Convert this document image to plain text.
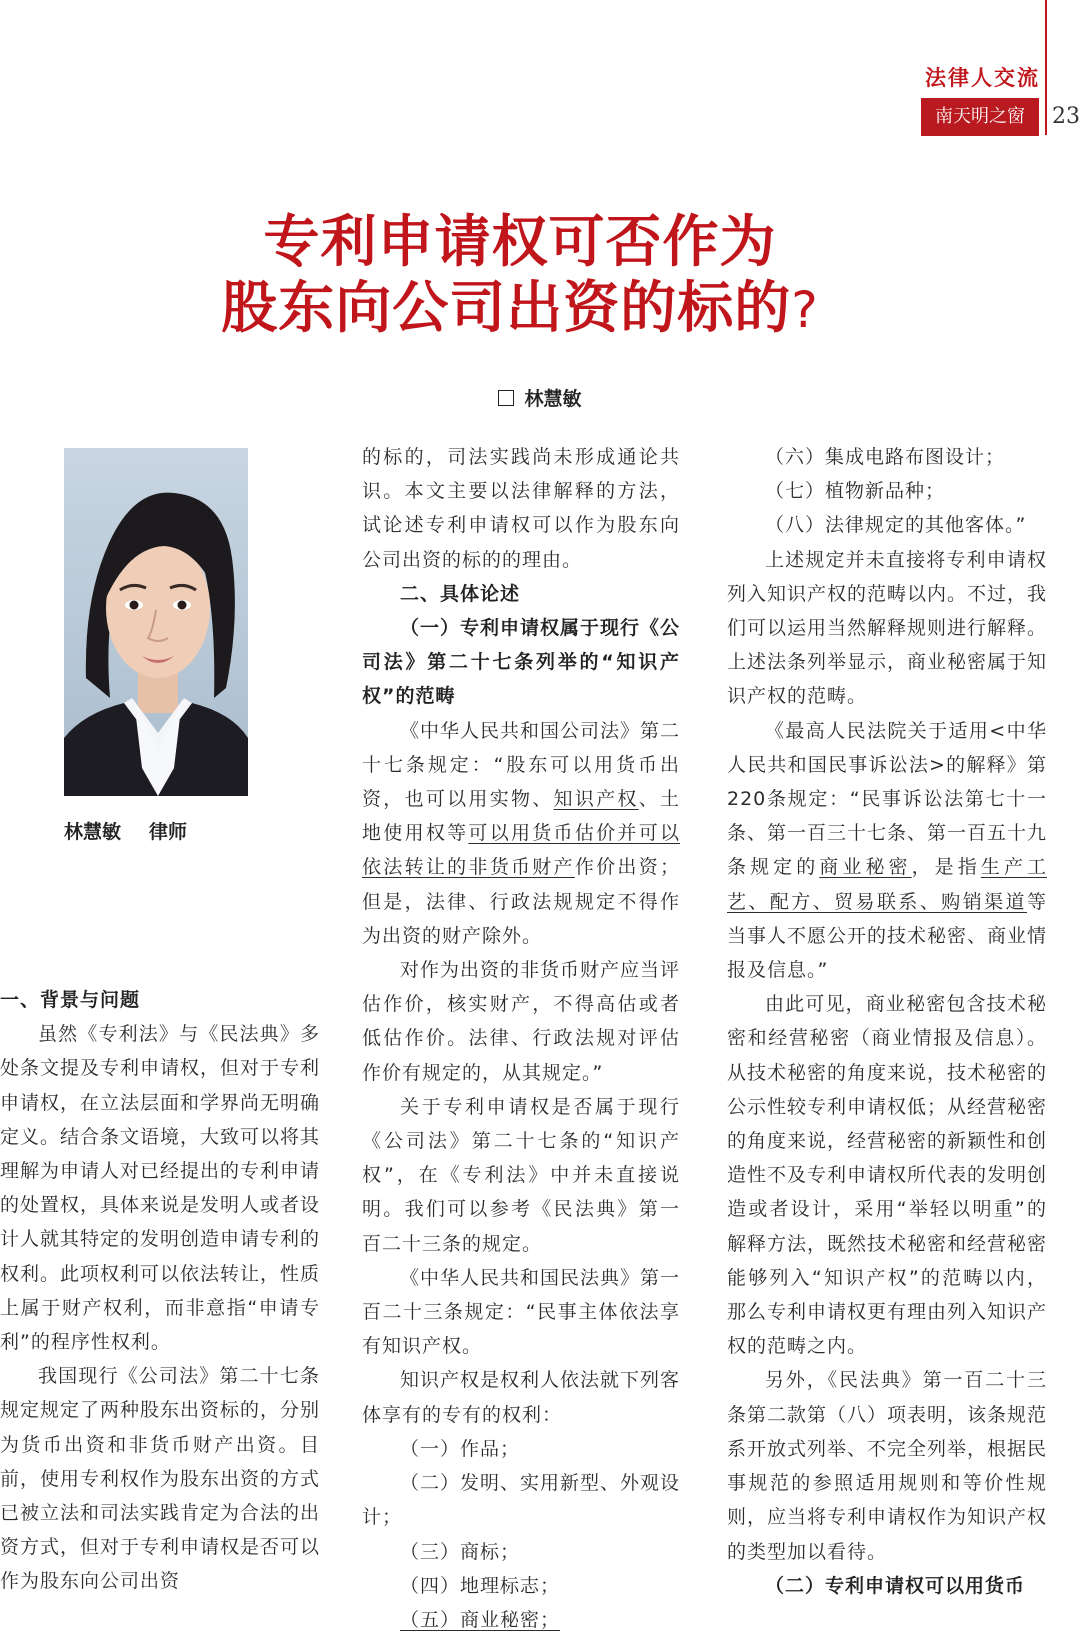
法律人交流
南天明之窗	23
专利申请权可否作为
股东向公司出资的标的?
林慧敏
林慧敏 律师

一、背景与问题

虽然《专利法》与《民法典》多处条文提及专利申请权，但对于专利申请权，在立法层面和学界尚无明确定义。结合条文语境，大致可以将其理解为申请人对已经提出的专利申请的处置权，具体来说是发明人或者设计人就其特定的发明创造申请专利的权利。此项权利可以依法转让，性质上属于财产权利，而非意指“申请专利”的程序性权利。

我国现行《公司法》第二十七条规定规定了两种股东出资标的，分别为货币出资和非货币财产出资。目前，使用专利权作为股东出资的方式已被立法和司法实践肯定为合法的出资方式，但对于专利申请权是否可以作为股东向公司出资

的标的，司法实践尚未形成通论共识。本文主要以法律解释的方法，试论述专利申请权可以作为股东向公司出资的标的的理由。

二、具体论述

（一）专利申请权属于现行《公司法》第二十七条列举的“知识产权”的范畴

《中华人民共和国公司法》第二十七条规定：“股东可以用货币出资，也可以用实物、知识产权、土地使用权等可以用货币估价并可以依法转让的非货币财产作价出资；但是，法律、行政法规规定不得作为出资的财产除外。

对作为出资的非货币财产应当评估作价，核实财产，不得高估或者低估作价。法律、行政法规对评估作价有规定的，从其规定。”

关于专利申请权是否属于现行《公司法》第二十七条的“知识产权”，在《专利法》中并未直接说明。我们可以参考《民法典》第一百二十三条的规定。

《中华人民共和国民法典》第一百二十三条规定：“民事主体依法享有知识产权。

知识产权是权利人依法就下列客体享有的专有的权利：

（一）作品；

（二）发明、实用新型、外观设计；

（三）商标；

（四）地理标志；

（五）商业秘密；

（六）集成电路布图设计；

（七）植物新品种；

（八）法律规定的其他客体。”

上述规定并未直接将专利申请权列入知识产权的范畴以内。不过，我们可以运用当然解释规则进行解释。上述法条列举显示，商业秘密属于知识产权的范畴。

《最高人民法院关于适用<中华人民共和国民事诉讼法>的解释》第220条规定：“民事诉讼法第七十一条、第一百三十七条、第一百五十九条规定的商业秘密，是指生产工艺、配方、贸易联系、购销渠道等当事人不愿公开的技术秘密、商业情报及信息。”

由此可见，商业秘密包含技术秘密和经营秘密（商业情报及信息）。从技术秘密的角度来说，技术秘密的公示性较专利申请权低；从经营秘密的角度来说，经营秘密的新颖性和创造性不及专利申请权所代表的发明创造或者设计，采用“举轻以明重”的解释方法，既然技术秘密和经营秘密能够列入“知识产权”的范畴以内，那么专利申请权更有理由列入知识产权的范畴之内。

另外，《民法典》第一百二十三条第二款第（八）项表明，该条规范系开放式列举、不完全列举，根据民事规范的参照适用规则和等价性规则，应当将专利申请权作为知识产权的类型加以看待。

（二）专利申请权可以用货币
